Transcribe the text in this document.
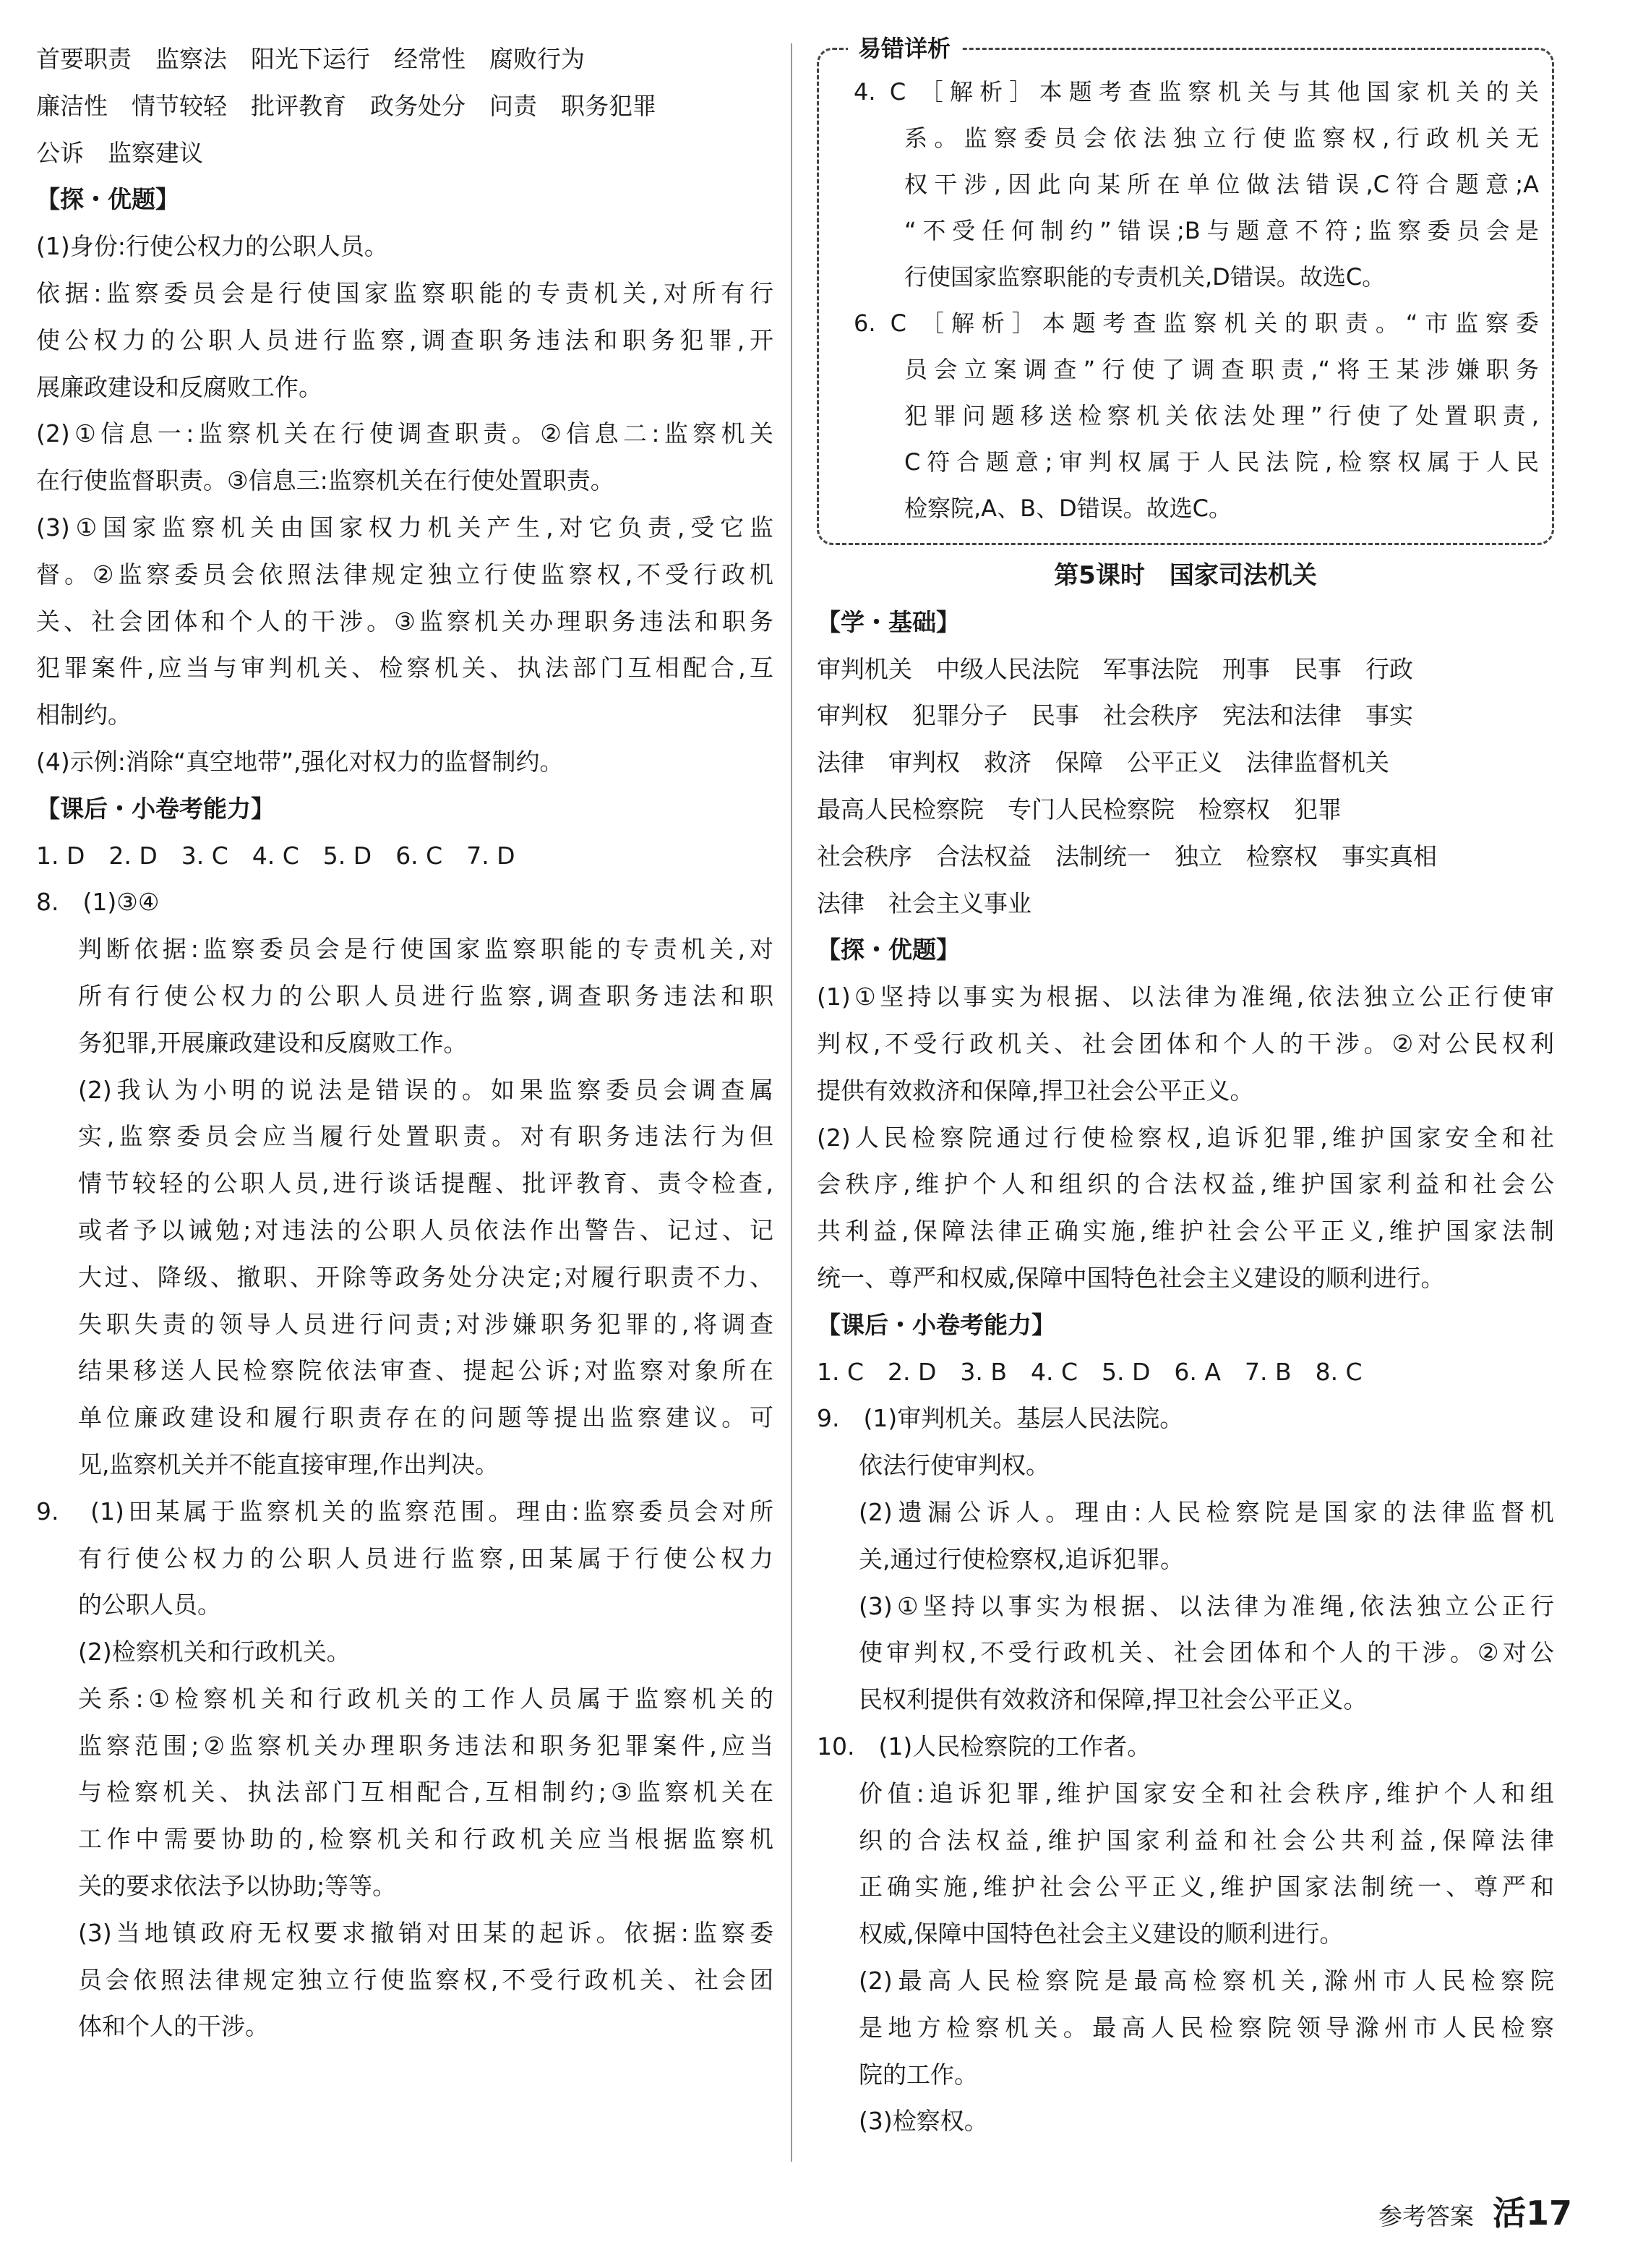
首要职责　监察法　阳光下运行　经常性　腐败行为
廉洁性　情节较轻　批评教育　政务处分　问责　职务犯罪
公诉　监察建议
【探・优题】
(1)身份:行使公权力的公职人员。
依据:监察委员会是行使国家监察职能的专责机关,对所有行
使公权力的公职人员进行监察,调查职务违法和职务犯罪,开
展廉政建设和反腐败工作。
(2)①信息一:监察机关在行使调查职责。②信息二:监察机关
在行使监督职责。③信息三:监察机关在行使处置职责。
(3)①国家监察机关由国家权力机关产生,对它负责,受它监
督。②监察委员会依照法律规定独立行使监察权,不受行政机
关、社会团体和个人的干涉。③监察机关办理职务违法和职务
犯罪案件,应当与审判机关、检察机关、执法部门互相配合,互
相制约。
(4)示例:消除“真空地带”,强化对权力的监督制约。
【课后・小卷考能力】
1. D　2. D　3. C　4. C　5. D　6. C　7. D
8.　(1)③④
判断依据:监察委员会是行使国家监察职能的专责机关,对
所有行使公权力的公职人员进行监察,调查职务违法和职
务犯罪,开展廉政建设和反腐败工作。
(2)我认为小明的说法是错误的。如果监察委员会调查属
实,监察委员会应当履行处置职责。对有职务违法行为但
情节较轻的公职人员,进行谈话提醒、批评教育、责令检查,
或者予以诫勉;对违法的公职人员依法作出警告、记过、记
大过、降级、撤职、开除等政务处分决定;对履行职责不力、
失职失责的领导人员进行问责;对涉嫌职务犯罪的,将调查
结果移送人民检察院依法审查、提起公诉;对监察对象所在
单位廉政建设和履行职责存在的问题等提出监察建议。可
见,监察机关并不能直接审理,作出判决。
9.　(1)田某属于监察机关的监察范围。理由:监察委员会对所
有行使公权力的公职人员进行监察,田某属于行使公权力
的公职人员。
(2)检察机关和行政机关。
关系:①检察机关和行政机关的工作人员属于监察机关的
监察范围;②监察机关办理职务违法和职务犯罪案件,应当
与检察机关、执法部门互相配合,互相制约;③监察机关在
工作中需要协助的,检察机关和行政机关应当根据监察机
关的要求依法予以协助;等等。
(3)当地镇政府无权要求撤销对田某的起诉。依据:监察委
员会依照法律规定独立行使监察权,不受行政机关、社会团
体和个人的干涉。
易错详析
4. C ［解析］本题考查监察机关与其他国家机关的关
系。监察委员会依法独立行使监察权,行政机关无
权干涉,因此向某所在单位做法错误,C符合题意;A
“不受任何制约”错误;B与题意不符;监察委员会是
行使国家监察职能的专责机关,D错误。故选C。
6. C ［解析］本题考查监察机关的职责。“市监察委
员会立案调查”行使了调查职责,“将王某涉嫌职务
犯罪问题移送检察机关依法处理”行使了处置职责,
C符合题意;审判权属于人民法院,检察权属于人民
检察院,A、B、D错误。故选C。
第5课时　国家司法机关
【学・基础】
审判机关　中级人民法院　军事法院　刑事　民事　行政
审判权　犯罪分子　民事　社会秩序　宪法和法律　事实
法律　审判权　救济　保障　公平正义　法律监督机关
最高人民检察院　专门人民检察院　检察权　犯罪
社会秩序　合法权益　法制统一　独立　检察权　事实真相
法律　社会主义事业
【探・优题】
(1)①坚持以事实为根据、以法律为准绳,依法独立公正行使审
判权,不受行政机关、社会团体和个人的干涉。②对公民权利
提供有效救济和保障,捍卫社会公平正义。
(2)人民检察院通过行使检察权,追诉犯罪,维护国家安全和社
会秩序,维护个人和组织的合法权益,维护国家利益和社会公
共利益,保障法律正确实施,维护社会公平正义,维护国家法制
统一、尊严和权威,保障中国特色社会主义建设的顺利进行。
【课后・小卷考能力】
1. C　2. D　3. B　4. C　5. D　6. A　7. B　8. C
9.　(1)审判机关。基层人民法院。
依法行使审判权。
(2)遗漏公诉人。理由:人民检察院是国家的法律监督机
关,通过行使检察权,追诉犯罪。
(3)①坚持以事实为根据、以法律为准绳,依法独立公正行
使审判权,不受行政机关、社会团体和个人的干涉。②对公
民权利提供有效救济和保障,捍卫社会公平正义。
10.　(1)人民检察院的工作者。
价值:追诉犯罪,维护国家安全和社会秩序,维护个人和组
织的合法权益,维护国家利益和社会公共利益,保障法律
正确实施,维护社会公平正义,维护国家法制统一、尊严和
权威,保障中国特色社会主义建设的顺利进行。
(2)最高人民检察院是最高检察机关,滁州市人民检察院
是地方检察机关。最高人民检察院领导滁州市人民检察
院的工作。
(3)检察权。
参考答案 活17
